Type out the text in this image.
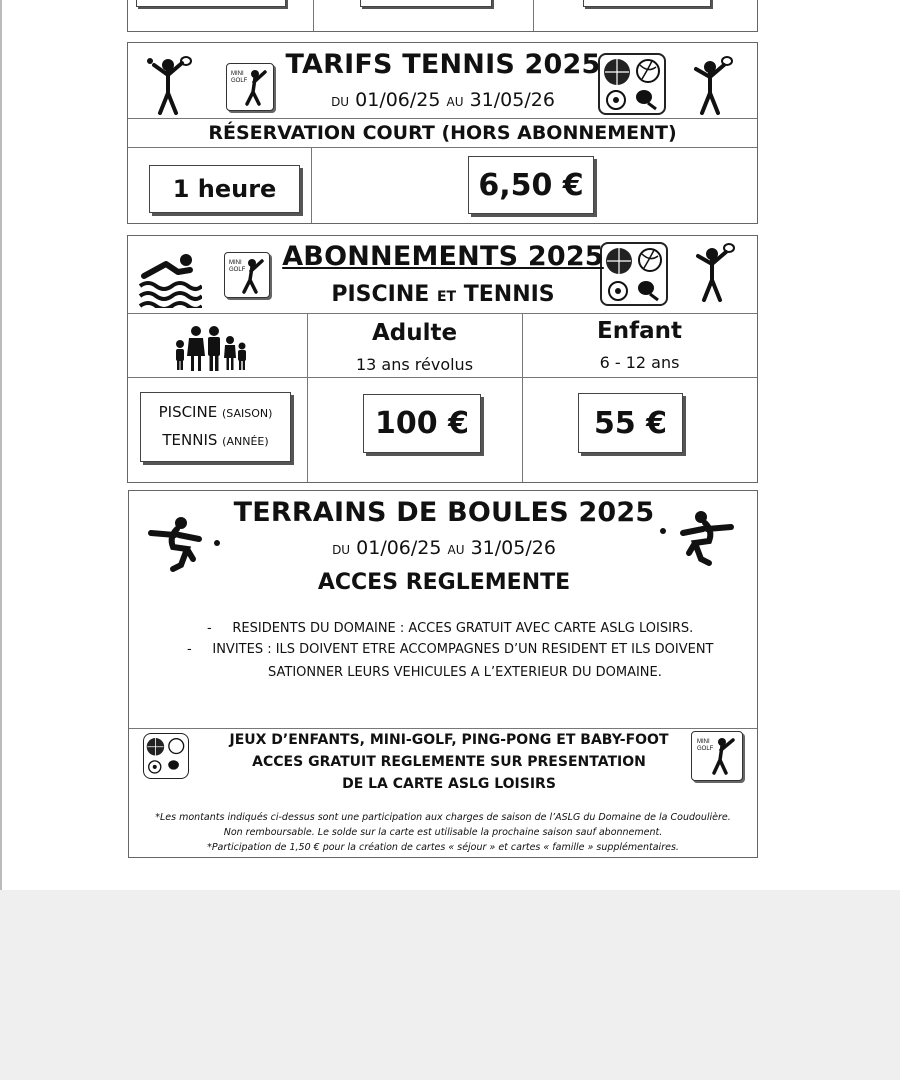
MINI
GOLF
TARIFS TENNIS 2025
DU 01/06/25 AU 31/05/26
RÉSERVATION COURT (HORS ABONNEMENT)
1 heure	6,50 €
MINI
GOLF ABONNEMENTS 2025
PISCINE ET TENNIS
Adulte
13 ans révolus
Enfant
6 - 12 ans
PISCINE (SAISON)
TENNIS (ANNÉE)
100 €	55 €
TERRAINS DE BOULES 2025
DU 01/06/25 AU 31/05/26
ACCES REGLEMENTE
- RESIDENTS DU DOMAINE : ACCES GRATUIT AVEC CARTE ASLG LOISIRS.
- INVITES : ILS DOIVENT ETRE ACCOMPAGNES D’UN RESIDENT ET ILS DOIVENT
SATIONNER LEURS VEHICULES A L’EXTERIEUR DU DOMAINE.
JEUX D’ENFANTS, MINI-GOLF, PING-PONG ET BABY-FOOT
ACCES GRATUIT REGLEMENTE SUR PRESENTATION
DE LA CARTE ASLG LOISIRS
MINI
GOLF
*Les montants indiqués ci-dessus sont une participation aux charges de saison de l’ASLG du Domaine de la Coudoulière.
Non remboursable. Le solde sur la carte est utilisable la prochaine saison sauf abonnement.
*Participation de 1,50 € pour la création de cartes « séjour » et cartes « famille » supplémentaires.
